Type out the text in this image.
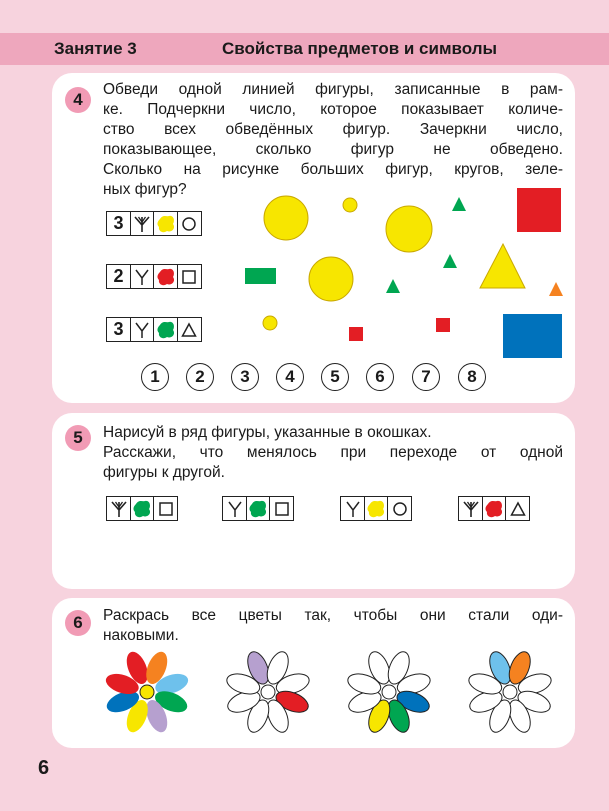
Занятие 3	Свойства предметов и символы
4
Обведи одной линией фигуры, записанные в рам-
ке. Подчеркни число, которое показывает количе-
ство всех обведённых фигур. Зачеркни число,
показывающее, сколько фигур не обведено.
Сколько на рисунке больших фигур, кругов, зеле-
ных фигур?
3
2
3
1	2	3	4	5	6	7	8
5	Нарисуй в ряд фигуры, указанные в окошках.
Расскажи, что менялось при переходе от одной
фигуры к другой.
6	Раскрась все цветы так, чтобы они стали оди-
наковыми.
6
